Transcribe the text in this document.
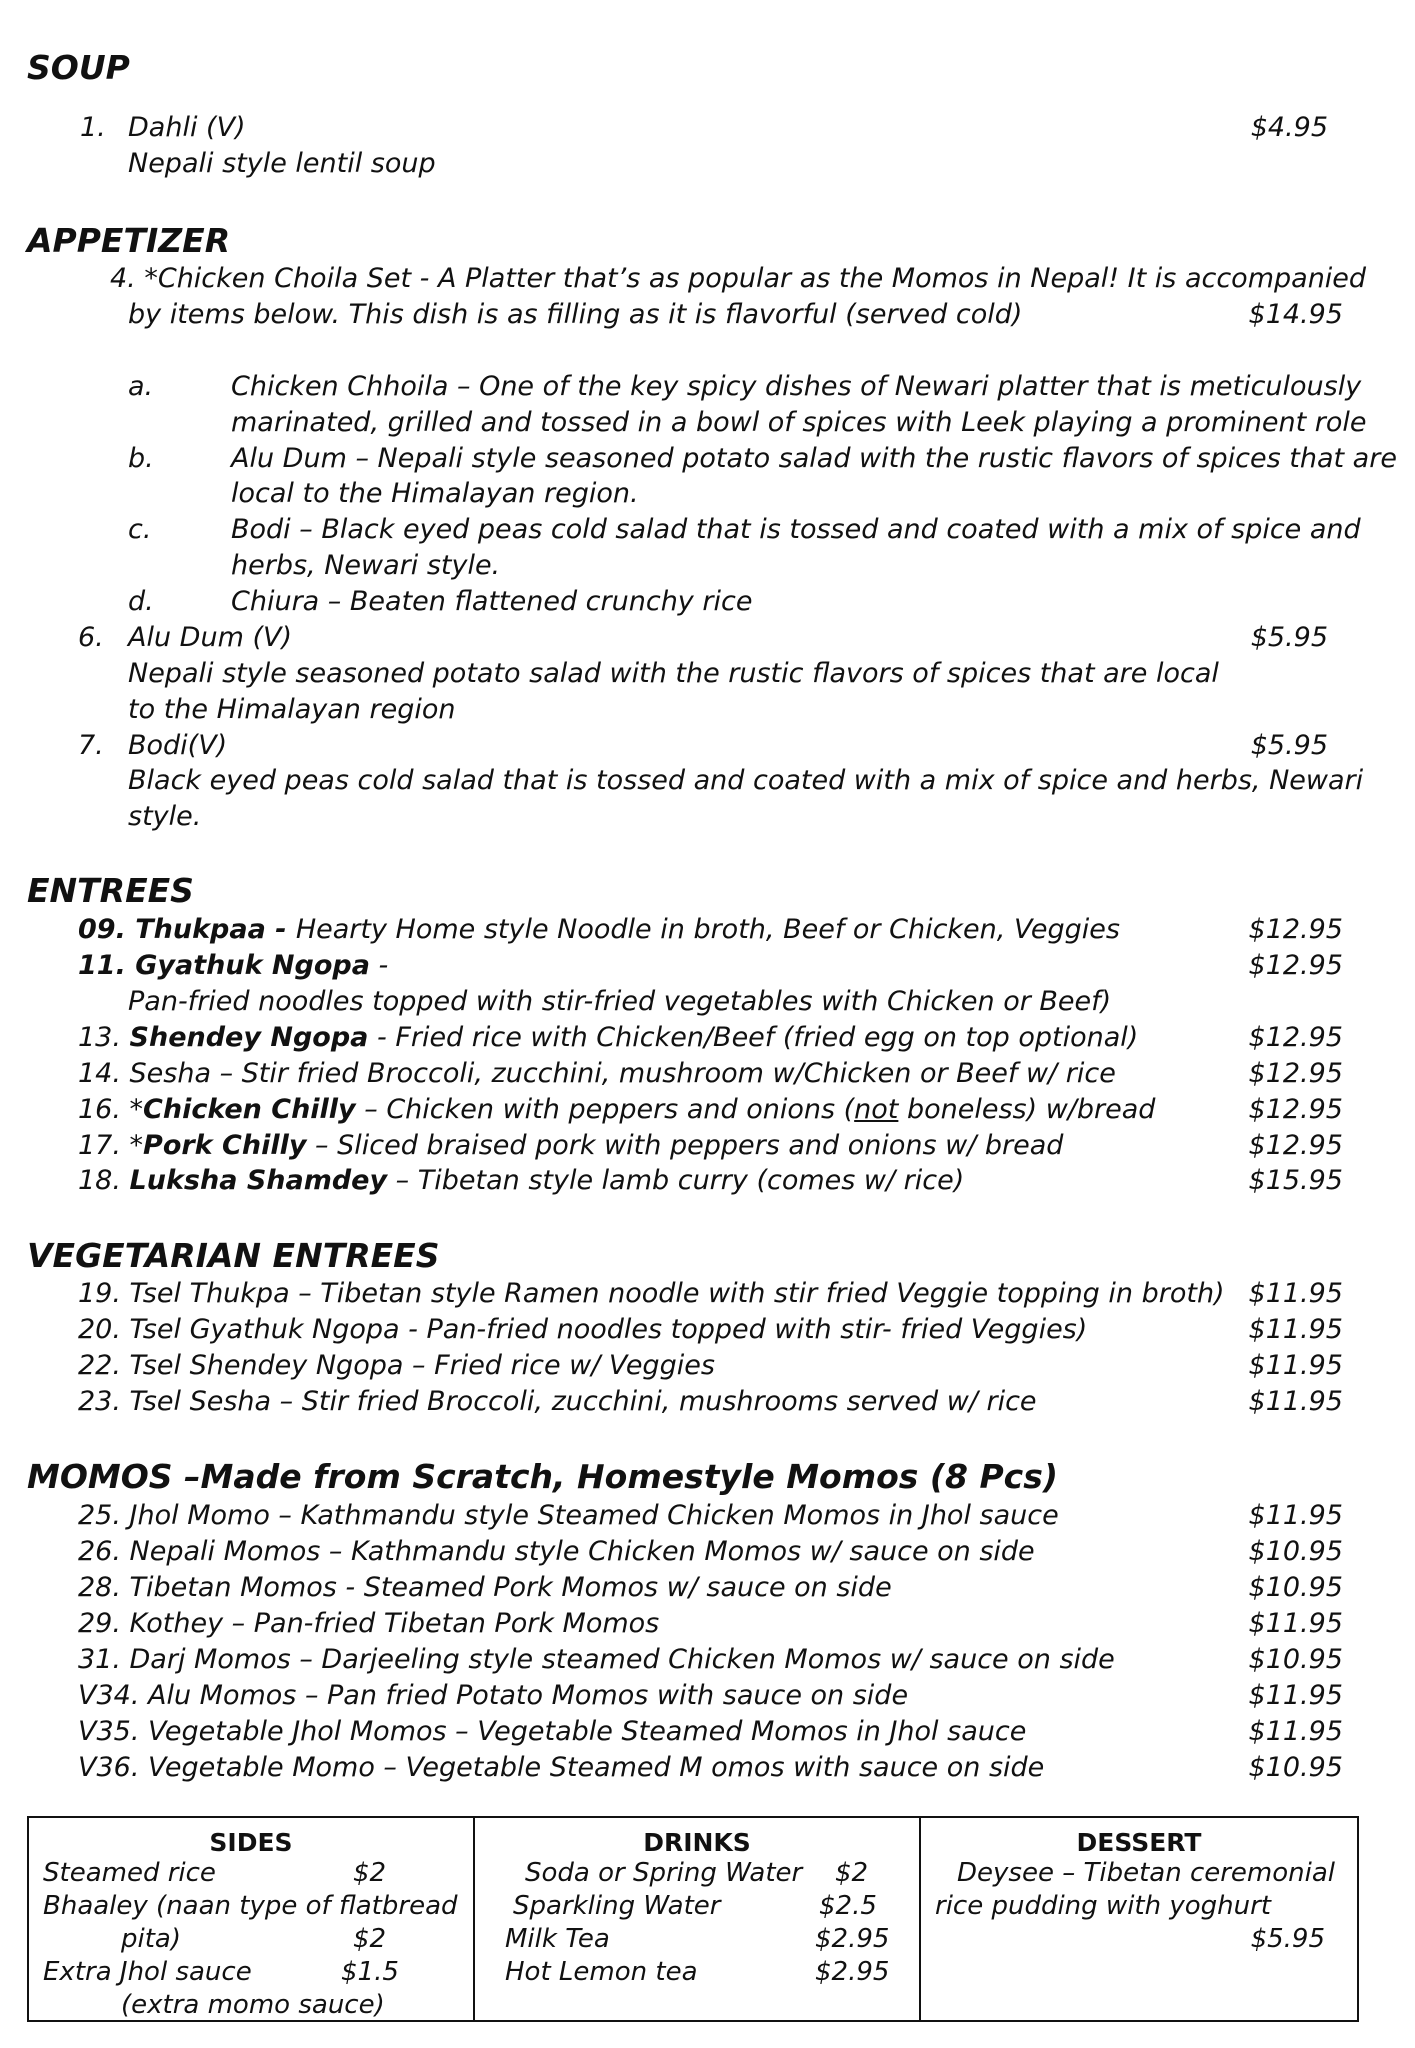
SOUP
1. Dahli (V)	$4.95
Nepali style lentil soup
APPETIZER
4. *Chicken Choila Set - A Platter that’s as popular as the Momos in Nepal! It is accompanied
by items below. This dish is as filling as it is flavorful (served cold)	$14.95
a.	Chicken Chhoila – One of the key spicy dishes of Newari platter that is meticulously
marinated, grilled and tossed in a bowl of spices with Leek playing a prominent role
b.	Alu Dum – Nepali style seasoned potato salad with the rustic flavors of spices that are
local to the Himalayan region.
c.	Bodi – Black eyed peas cold salad that is tossed and coated with a mix of spice and
herbs, Newari style.
d.	Chiura – Beaten flattened crunchy rice
6. Alu Dum (V)	$5.95
Nepali style seasoned potato salad with the rustic flavors of spices that are local
to the Himalayan region
7. Bodi(V)	$5.95
Black eyed peas cold salad that is tossed and coated with a mix of spice and herbs, Newari
style.
ENTREES
09. Thukpaa - Hearty Home style Noodle in broth, Beef or Chicken, Veggies	$12.95
11. Gyathuk Ngopa -	$12.95
Pan-fried noodles topped with stir-fried vegetables with Chicken or Beef)
13. Shendey Ngopa - Fried rice with Chicken/Beef (fried egg on top optional)	$12.95
14. Sesha – Stir fried Broccoli, zucchini, mushroom w/Chicken or Beef w/ rice	$12.95
16. *Chicken Chilly – Chicken with peppers and onions (not boneless) w/bread	$12.95
17. *Pork Chilly – Sliced braised pork with peppers and onions w/ bread	$12.95
18. Luksha Shamdey – Tibetan style lamb curry (comes w/ rice)	$15.95
VEGETARIAN ENTREES
19. Tsel Thukpa – Tibetan style Ramen noodle with stir fried Veggie topping in broth) $11.95
20. Tsel Gyathuk Ngopa - Pan-fried noodles topped with stir- fried Veggies)	$11.95
22. Tsel Shendey Ngopa – Fried rice w/ Veggies	$11.95
23. Tsel Sesha – Stir fried Broccoli, zucchini, mushrooms served w/ rice	$11.95
MOMOS –Made from Scratch, Homestyle Momos (8 Pcs)
25. Jhol Momo – Kathmandu style Steamed Chicken Momos in Jhol sauce	$11.95
26. Nepali Momos – Kathmandu style Chicken Momos w/ sauce on side	$10.95
28. Tibetan Momos - Steamed Pork Momos w/ sauce on side	$10.95
29. Kothey – Pan-fried Tibetan Pork Momos	$11.95
31. Darj Momos – Darjeeling style steamed Chicken Momos w/ sauce on side	$10.95
V34. Alu Momos – Pan fried Potato Momos with sauce on side	$11.95
V35. Vegetable Jhol Momos – Vegetable Steamed Momos in Jhol sauce	$11.95
V36. Vegetable Momo – Vegetable Steamed M omos with sauce on side	$10.95
SIDES
Steamed rice	$2
Bhaaley (naan type of flatbread
pita)	$2
Extra Jhol sauce	$1.5
(extra momo sauce)

DRINKS
Soda or Spring Water $2
Sparkling Water	$2.5
Milk Tea	$2.95
Hot Lemon tea	$2.95

DESSERT
Deysee – Tibetan ceremonial
rice pudding with yoghurt
$5.95
